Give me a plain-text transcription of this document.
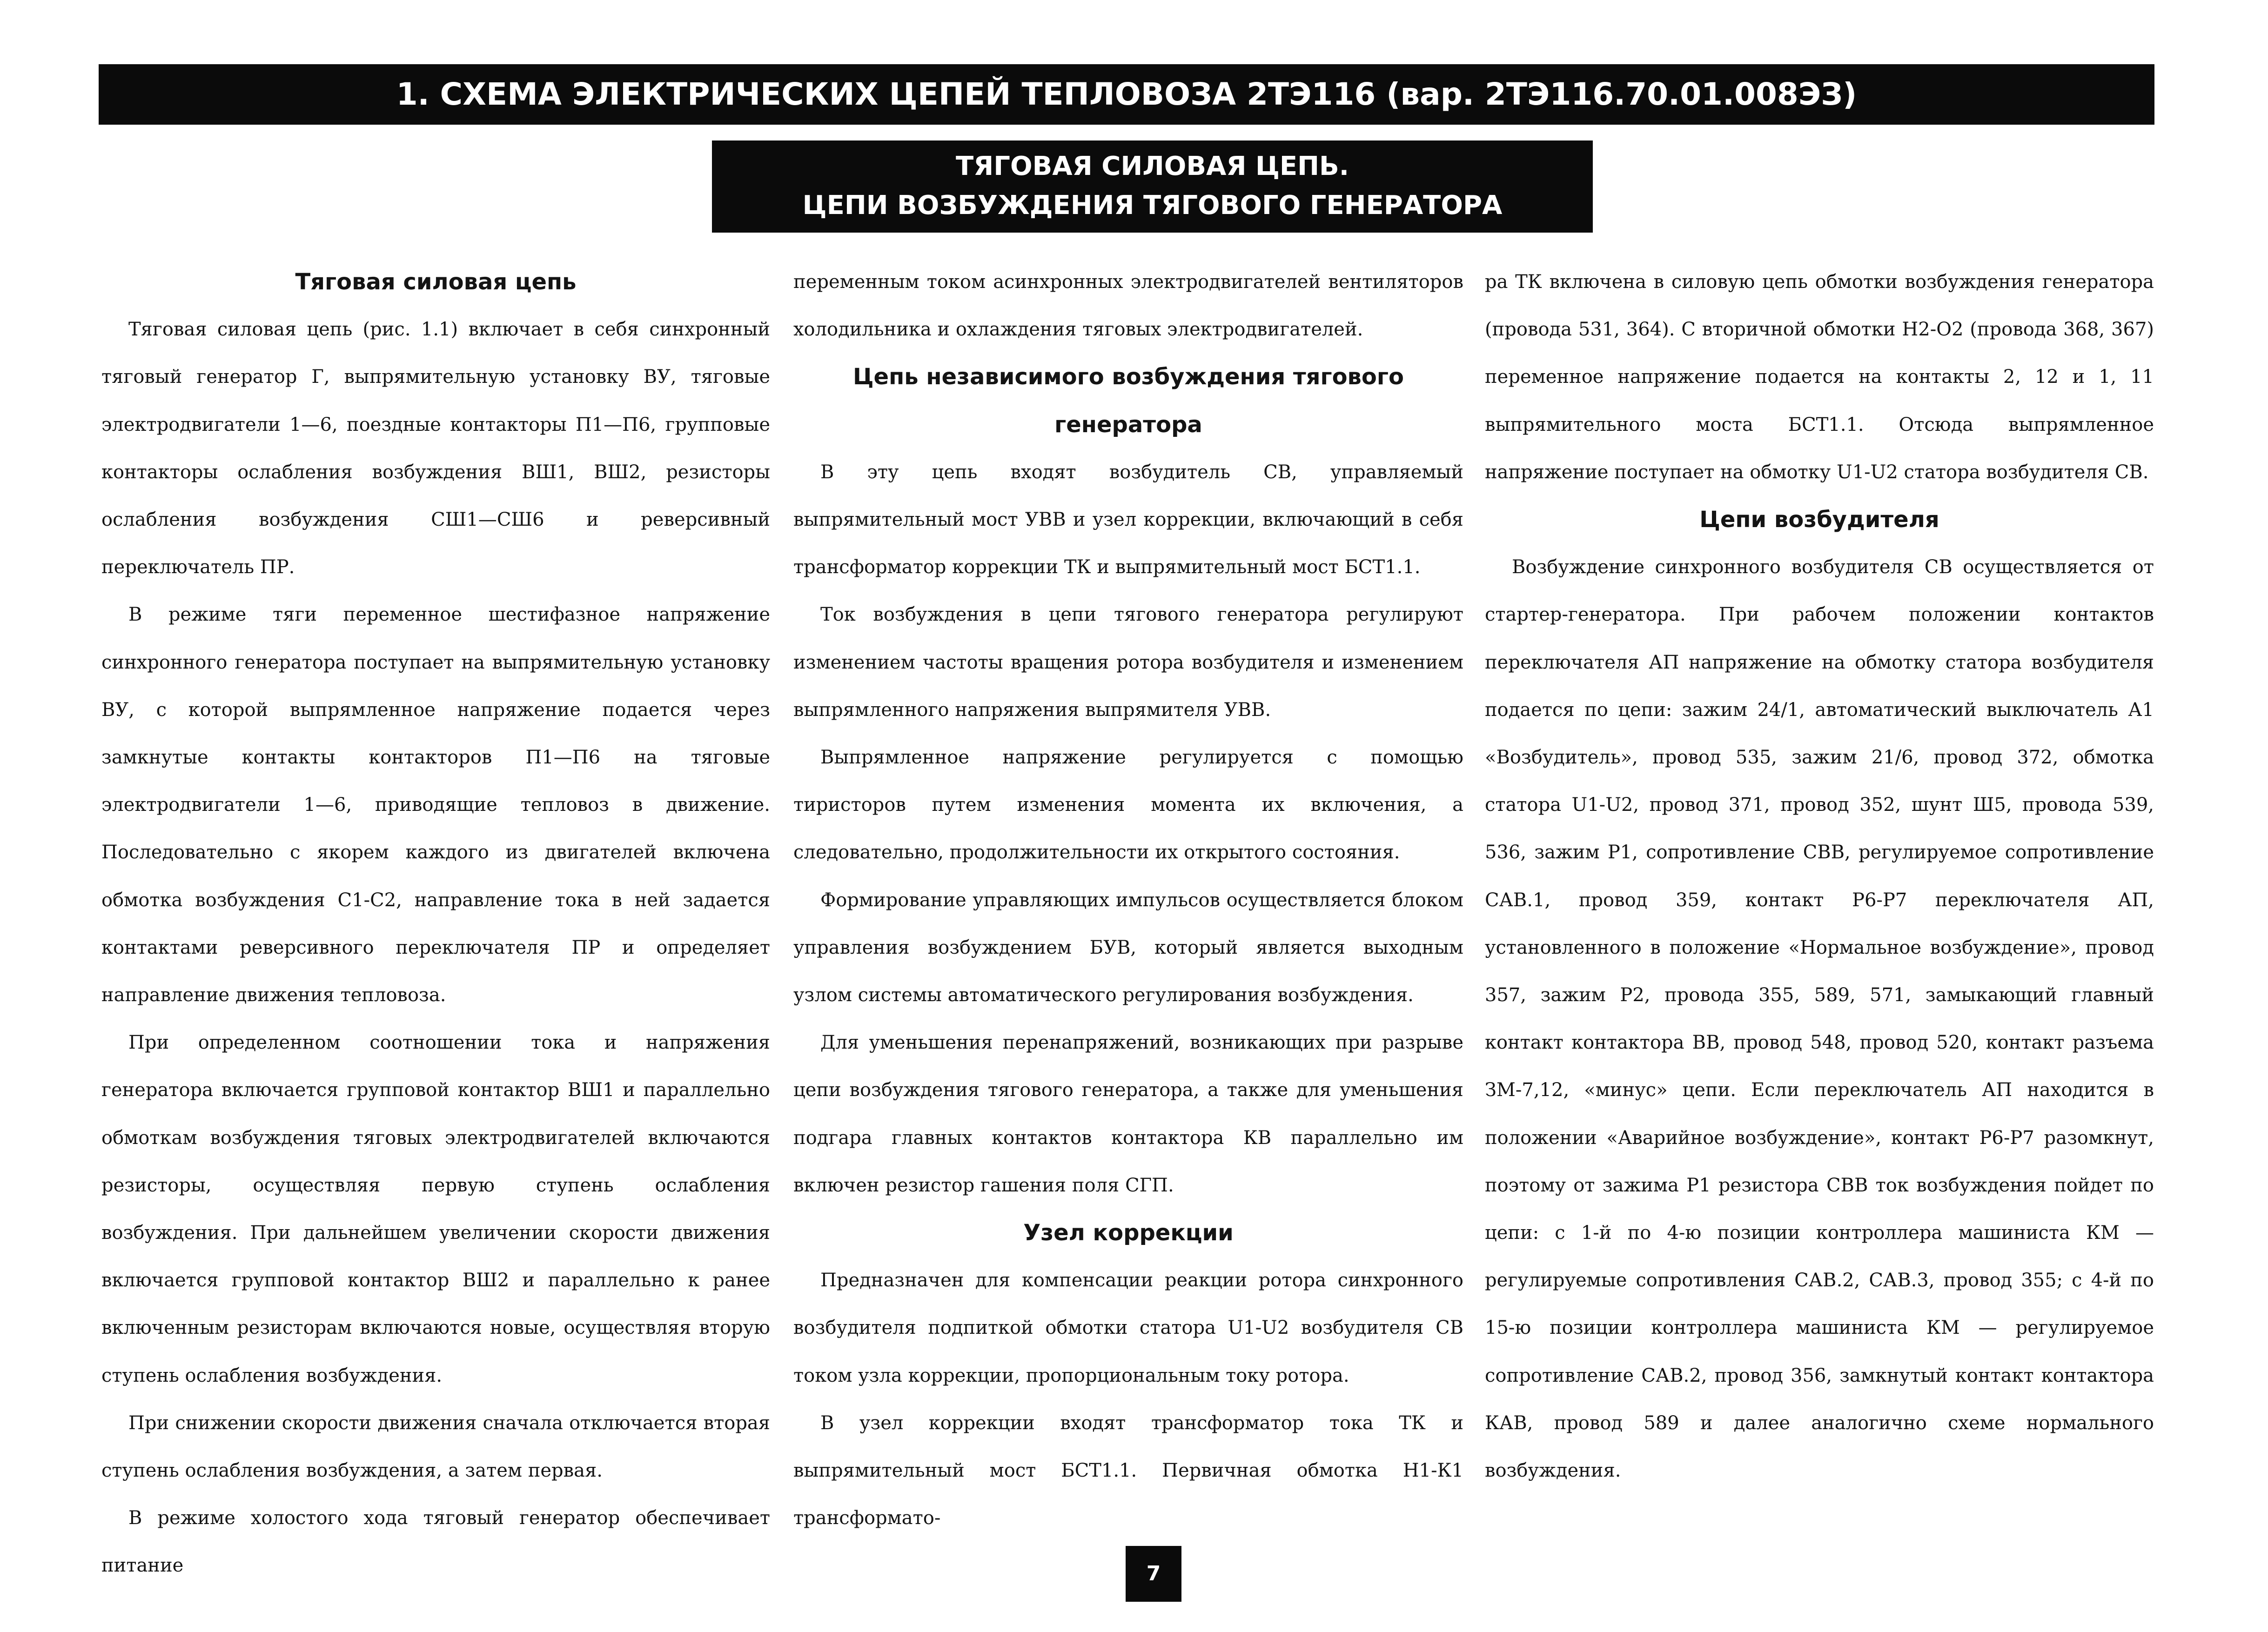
1. СХЕМА ЭЛЕКТРИЧЕСКИХ ЦЕПЕЙ ТЕПЛОВОЗА 2ТЭ116 (вар. 2ТЭ116.70.01.008ЭЗ)
ТЯГОВАЯ СИЛОВАЯ ЦЕПЬ.
ЦЕПИ ВОЗБУЖДЕНИЯ ТЯГОВОГО ГЕНЕРАТОРА
Тяговая силовая цепь

Тяговая силовая цепь (рис. 1.1) включает в себя синхронный тяговый генератор Г, выпрямительную установку ВУ, тяговые электродвигатели 1—6, поездные контакторы П1—П6, групповые контакторы ослабления возбуждения ВШ1, ВШ2, резисторы ослабления возбуждения СШ1—СШ6 и реверсивный переключатель ПР.

В режиме тяги переменное шестифазное напряжение синхронного генератора поступает на выпрямительную установку ВУ, с которой выпрямленное напряжение подается через замкнутые контакты контакторов П1—П6 на тяговые электродвигатели 1—6, приводящие тепловоз в движение. Последовательно с якорем каждого из двигателей включена обмотка возбуждения С1-С2, направление тока в ней задается контактами реверсивного переключателя ПР и определяет направление движения тепловоза.

При определенном соотношении тока и напряжения генератора включается групповой контактор ВШ1 и параллельно обмоткам возбуждения тяговых электродвигателей включаются резисторы, осуществляя первую ступень ослабления возбуждения. При дальнейшем увеличении скорости движения включается групповой контактор ВШ2 и параллельно к ранее включенным резисторам включаются новые, осуществляя вторую ступень ослабления возбуждения.

При снижении скорости движения сначала отключается вторая ступень ослабления возбуждения, а затем первая.

В режиме холостого хода тяговый генератор обеспечивает питание

переменным током асинхронных электродвигателей вентиляторов холодильника и охлаждения тяговых электродвигателей.

Цепь независимого возбуждения тягового генератора

В эту цепь входят возбудитель СВ, управляемый выпрямительный мост УВВ и узел коррекции, включающий в себя трансформатор коррекции ТК и выпрямительный мост БСТ1.1.

Ток возбуждения в цепи тягового генератора регулируют изменением частоты вращения ротора возбудителя и изменением выпрямленного напряжения выпрямителя УВВ.

Выпрямленное напряжение регулируется с помощью тиристоров путем изменения момента их включения, а следовательно, продолжительности их открытого состояния.

Формирование управляющих импульсов осуществляется блоком управления возбуждением БУВ, который является выходным узлом системы автоматического регулирования возбуждения.

Для уменьшения перенапряжений, возникающих при разрыве цепи возбуждения тягового генератора, а также для уменьшения подгара главных контактов контактора КВ параллельно им включен резистор гашения поля СГП.

Узел коррекции

Предназначен для компенсации реакции ротора синхронного возбудителя подпиткой обмотки статора U1-U2 возбудителя СВ током узла коррекции, пропорциональным току ротора.

В узел коррекции входят трансформатор тока ТК и выпрямительный мост БСТ1.1. Первичная обмотка Н1-К1 трансформато-

ра ТК включена в силовую цепь обмотки возбуждения генератора (провода 531, 364). С вторичной обмотки Н2-О2 (провода 368, 367) переменное напряжение подается на контакты 2, 12 и 1, 11 выпрямительного моста БСТ1.1. Отсюда выпрямленное напряжение поступает на обмотку U1-U2 статора возбудителя СВ.

Цепи возбудителя

Возбуждение синхронного возбудителя СВ осуществляется от стартер-генератора. При рабочем положении контактов переключателя АП напряжение на обмотку статора возбудителя подается по цепи: зажим 24/1, автоматический выключатель А1 «Возбудитель», провод 535, зажим 21/6, провод 372, обмотка статора U1-U2, провод 371, провод 352, шунт Ш5, провода 539, 536, зажим Р1, сопротивление СВВ, регулируемое сопротивление САВ.1, провод 359, контакт Р6-Р7 переключателя АП, установленного в положение «Нормальное возбуждение», провод 357, зажим Р2, провода 355, 589, 571, замыкающий главный контакт контактора ВВ, провод 548, провод 520, контакт разъема ЗМ-7,12, «минус» цепи. Если переключатель АП находится в положении «Аварийное возбуждение», контакт Р6-Р7 разомкнут, поэтому от зажима Р1 резистора СВВ ток возбуждения пойдет по цепи: с 1-й по 4-ю позиции контроллера машиниста КМ — регулируемые сопротивления САВ.2, САВ.3, провод 355; с 4-й по 15-ю позиции контроллера машиниста КМ — регулируемое сопротивление САВ.2, провод 356, замкнутый контакт контактора КАВ, провод 589 и далее аналогично схеме нормального возбуждения.

7
